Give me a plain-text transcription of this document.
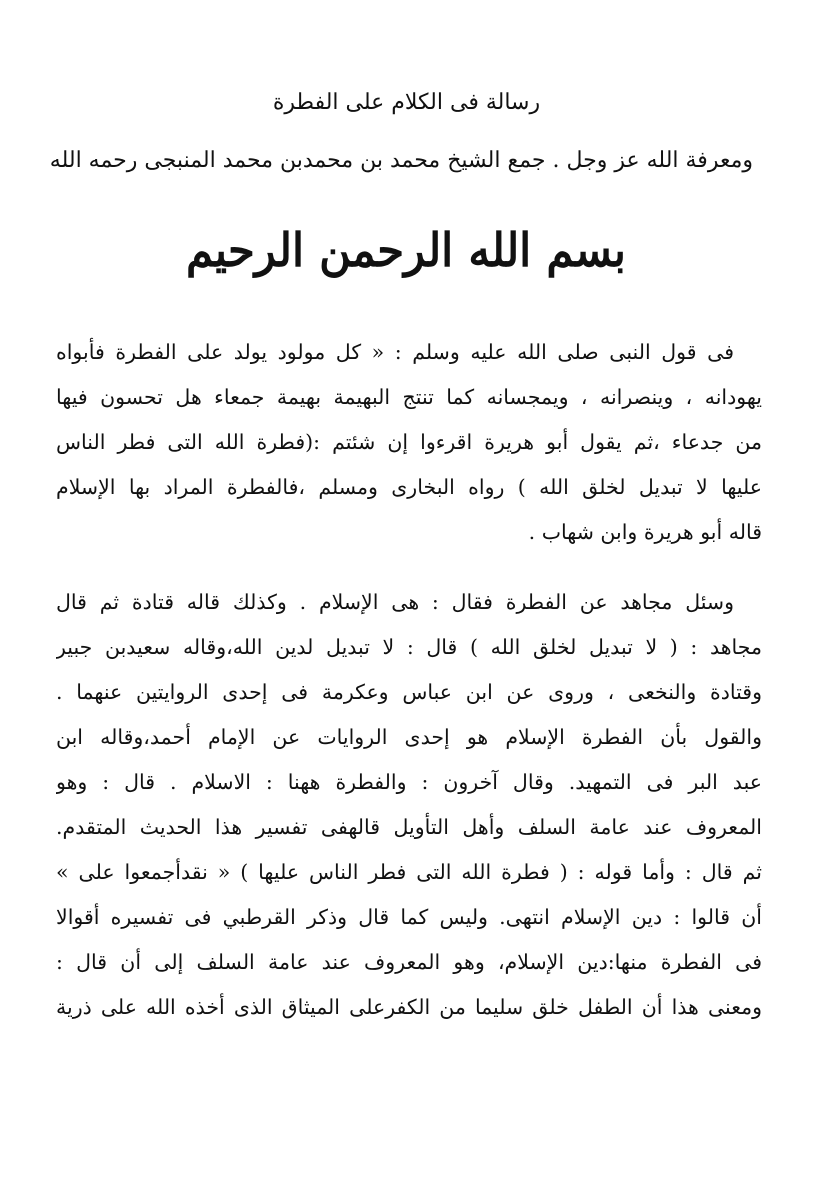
رسالة فى الكلام على الفطرة
ومعرفة الله عز وجل . جمع الشيخ محمد بن محمدبن محمد المنبجى رحمه الله
بسم الله الرحمن الرحيم
فى قول النبى صلى الله عليه وسلم : « كل مولود يولد على الفطرة فأبواه
يهودانه ، وينصرانه ، ويمجسانه كما تنتج البهيمة بهيمة جمعاء هل تحسون فيها
من جدعاء ،ثم يقول أبو هريرة اقرءوا إن شئتم :(فطرة الله التى فطر الناس
عليها لا تبديل لخلق الله ) رواه البخارى ومسلم ،فالفطرة المراد بها الإسلام
قاله أبو هريرة وابن شهاب .
وسئل مجاهد عن الفطرة فقال : هى الإسلام . وكذلك قاله قتادة ثم قال
مجاهد : ( لا تبديل لخلق الله ) قال : لا تبديل لدين الله،وقاله سعيدبن جبير
وقتادة والنخعى ، وروى عن ابن عباس وعكرمة فى إحدى الروايتين عنهما .
والقول بأن الفطرة الإسلام هو إحدى الروايات عن الإمام أحمد،وقاله ابن
عبد البر فى التمهيد. وقال آخرون : والفطرة ههنا : الاسلام . قال : وهو
المعروف عند عامة السلف وأهل التأويل قالهفى تفسير هذا الحديث المتقدم.
ثم قال : وأما قوله : ( فطرة الله التى فطر الناس عليها ) « نقدأجمعوا على »
أن قالوا : دين الإسلام انتهى. وليس كما قال وذكر القرطبي فى تفسيره أقوالا
فى الفطرة منها:دين الإسلام، وهو المعروف عند عامة السلف إلى أن قال :
ومعنى هذا أن الطفل خلق سليما من الكفرعلى الميثاق الذى أخذه الله على ذرية
